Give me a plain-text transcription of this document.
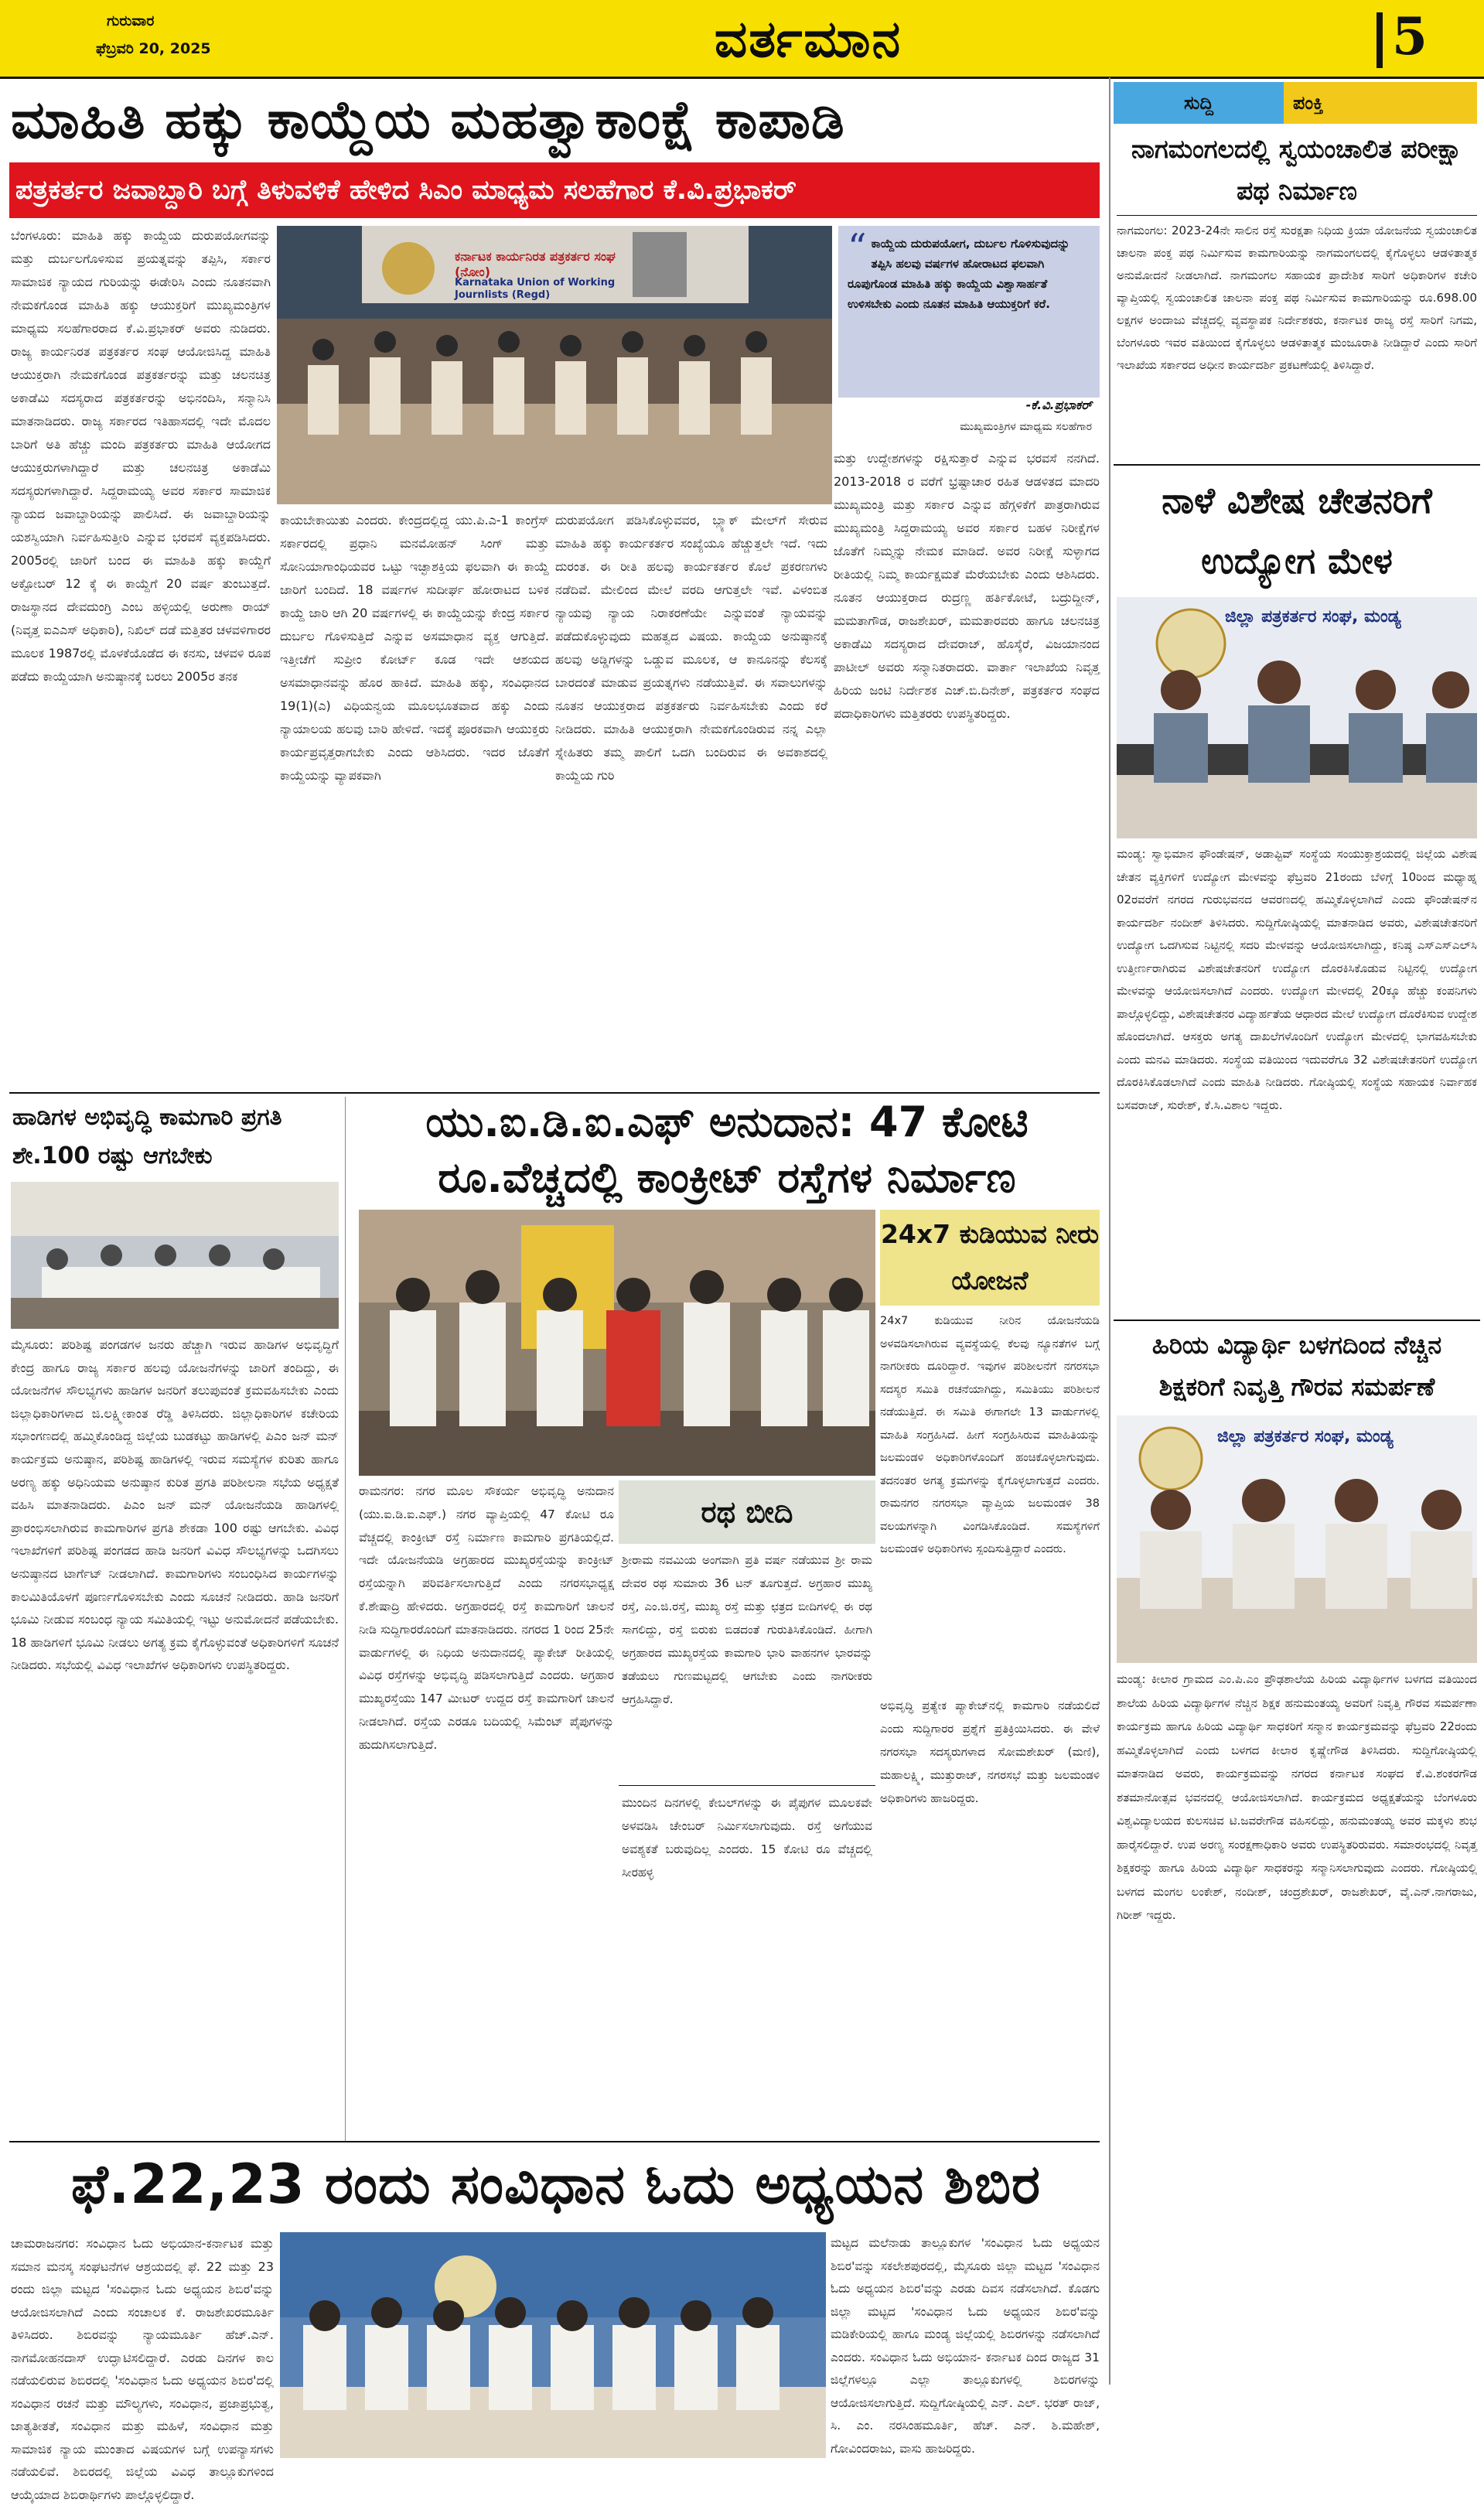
ಗುರುವಾರ
ಫೆಬ್ರವರಿ 20, 2025	ವರ್ತಮಾನ	5
ಮಾಹಿತಿ ಹಕ್ಕು ಕಾಯ್ದೆಯ ಮಹತ್ವಾಕಾಂಕ್ಷೆ ಕಾಪಾಡಿ
ಪತ್ರಕರ್ತರ ಜವಾಬ್ದಾರಿ ಬಗ್ಗೆ ತಿಳುವಳಿಕೆ ಹೇಳಿದ ಸಿಎಂ ಮಾಧ್ಯಮ ಸಲಹೆಗಾರ ಕೆ.ವಿ.ಪ್ರಭಾಕರ್
ಬೆಂಗಳೂರು: ಮಾಹಿತಿ ಹಕ್ಕು ಕಾಯ್ದೆಯ ದುರುಪಯೋಗವನ್ನು ಮತ್ತು ದುರ್ಬಲಗೊಳಿಸುವ ಪ್ರಯತ್ನವನ್ನು ತಪ್ಪಿಸಿ, ಸರ್ಕಾರ ಸಾಮಾಜಿಕ ನ್ಯಾಯದ ಗುರಿಯನ್ನು ಈಡೇರಿಸಿ ಎಂದು ನೂತನವಾಗಿ ನೇಮಕಗೊಂಡ ಮಾಹಿತಿ ಹಕ್ಕು ಆಯುಕ್ತರಿಗೆ ಮುಖ್ಯಮಂತ್ರಿಗಳ ಮಾಧ್ಯಮ ಸಲಹೆಗಾರರಾದ ಕೆ.ವಿ.ಪ್ರಭಾಕರ್ ಅವರು ನುಡಿದರು. ರಾಜ್ಯ ಕಾರ್ಯನಿರತ ಪತ್ರಕರ್ತರ ಸಂಘ ಆಯೋಜಿಸಿದ್ದ ಮಾಹಿತಿ ಆಯುಕ್ತರಾಗಿ ನೇಮಕಗೊಂಡ ಪತ್ರಕರ್ತರನ್ನು ಮತ್ತು ಚಲನಚಿತ್ರ ಅಕಾಡೆಮಿ ಸದಸ್ಯರಾದ ಪತ್ರಕರ್ತರನ್ನು ಅಭಿನಂದಿಸಿ, ಸನ್ಮಾನಿಸಿ ಮಾತನಾಡಿದರು. ರಾಜ್ಯ ಸರ್ಕಾರದ ಇತಿಹಾಸದಲ್ಲಿ ಇದೇ ಮೊದಲ ಬಾರಿಗೆ ಅತಿ ಹೆಚ್ಚು ಮಂದಿ ಪತ್ರಕರ್ತರು ಮಾಹಿತಿ ಆಯೋಗದ ಆಯುಕ್ತರುಗಳಾಗಿದ್ದಾರೆ ಮತ್ತು ಚಲನಚಿತ್ರ ಅಕಾಡೆಮಿ ಸದಸ್ಯರುಗಳಾಗಿದ್ದಾರೆ. ಸಿದ್ದರಾಮಯ್ಯ ಅವರ ಸರ್ಕಾರ ಸಾಮಾಜಿಕ ನ್ಯಾಯದ ಜವಾಬ್ದಾರಿಯನ್ನು ಪಾಲಿಸಿದೆ. ಈ ಜವಾಬ್ದಾರಿಯನ್ನು ಯಶಸ್ವಿಯಾಗಿ ನಿರ್ವಹಿಸುತ್ತೀರಿ ಎನ್ನುವ ಭರವಸೆ ವ್ಯಕ್ತಪಡಿಸಿದರು. 2005ರಲ್ಲಿ ಜಾರಿಗೆ ಬಂದ ಈ ಮಾಹಿತಿ ಹಕ್ಕು ಕಾಯ್ದೆಗೆ ಅಕ್ಟೋಬರ್ 12 ಕ್ಕೆ ಈ ಕಾಯ್ದೆಗೆ 20 ವರ್ಷ ತುಂಬುತ್ತದೆ. ರಾಜಸ್ಥಾನದ ದೇವದುಂಗ್ರಿ ಎಂಬ ಹಳ್ಳಿಯಲ್ಲಿ ಅರುಣಾ ರಾಯ್ (ನಿವೃತ್ತ ಐಎಎಸ್ ಅಧಿಕಾರಿ), ನಿಖಿಲ್ ದಡೆ ಮತ್ತಿತರ ಚಳವಳಿಗಾರರ ಮೂಲಕ 1987ರಲ್ಲಿ ಮೊಳಕೆಯೊಡೆದ ಈ ಕನಸು, ಚಳವಳಿ ರೂಪ ಪಡೆದು ಕಾಯ್ದೆಯಾಗಿ ಅನುಷ್ಠಾನಕ್ಕೆ ಬರಲು 2005ರ ತನಕ
ಕರ್ನಾಟಕ ಕಾರ್ಯನಿರತ ಪತ್ರಕರ್ತರ ಸಂಘ (ನೋಂ)
Karnataka Union of Working Journlists (Regd)
“ ಕಾಯ್ದೆಯ ದುರುಪಯೋಗ, ದುರ್ಬಲ ಗೊಳಿಸುವುದನ್ನು ತಪ್ಪಿಸಿ ಹಲವು ವರ್ಷಗಳ ಹೋರಾಟದ ಫಲವಾಗಿ ರೂಪುಗೊಂಡ ಮಾಹಿತಿ ಹಕ್ಕು ಕಾಯ್ದೆಯ ವಿಶ್ವಾಸಾರ್ಹತೆ ಉಳಿಸಬೇಕು ಎಂದು ನೂತನ ಮಾಹಿತಿ ಆಯುಕ್ತರಿಗೆ ಕರೆ.
-ಕೆ.ವಿ.ಪ್ರಭಾಕರ್
ಮುಖ್ಯಮಂತ್ರಿಗಳ ಮಾಧ್ಯಮ ಸಲಹೆಗಾರ
ಕಾಯಬೇಕಾಯಿತು ಎಂದರು. ಕೇಂದ್ರದಲ್ಲಿದ್ದ ಯು.ಪಿ.ಎ-1 ಕಾಂಗ್ರೆಸ್ ಸರ್ಕಾರದಲ್ಲಿ ಪ್ರಧಾನಿ ಮನಮೋಹನ್ ಸಿಂಗ್ ಮತ್ತು ಸೋನಿಯಾಗಾಂಧಿಯವರ ಒಟ್ಟು ಇಚ್ಛಾಶಕ್ತಿಯ ಫಲವಾಗಿ ಈ ಕಾಯ್ದೆ ಜಾರಿಗೆ ಬಂದಿದೆ. 18 ವರ್ಷಗಳ ಸುದೀರ್ಘ ಹೋರಾಟದ ಬಳಿಕ ಕಾಯ್ದೆ ಜಾರಿ ಆಗಿ 20 ವರ್ಷಗಳಲ್ಲಿ ಈ ಕಾಯ್ದೆಯನ್ನು ಕೇಂದ್ರ ಸರ್ಕಾರ ದುರ್ಬಲ ಗೊಳಿಸುತ್ತಿದೆ ಎನ್ನುವ ಅಸಮಾಧಾನ ವ್ಯಕ್ತ ಆಗುತ್ತಿದೆ. ಇತ್ತೀಚೆಗೆ ಸುಪ್ರೀಂ ಕೋರ್ಟ್ ಕೂಡ ಇದೇ ಆಶಯದ ಅಸಮಾಧಾನವನ್ನು ಹೊರ ಹಾಕಿದೆ. ಮಾಹಿತಿ ಹಕ್ಕು, ಸಂವಿಧಾನದ 19(1)(ಎ) ವಿಧಿಯನ್ವಯ ಮೂಲಭೂತವಾದ ಹಕ್ಕು ಎಂದು ನ್ಯಾಯಾಲಯ ಹಲವು ಬಾರಿ ಹೇಳಿದೆ. ಇದಕ್ಕೆ ಪೂರಕವಾಗಿ ಆಯುಕ್ತರು ಕಾರ್ಯಪ್ರವೃತ್ತರಾಗಬೇಕು ಎಂದು ಆಶಿಸಿದರು. ಇದರ ಜೊತೆಗೆ ಕಾಯ್ದೆಯನ್ನು ವ್ಯಾಪಕವಾಗಿ
ದುರುಪಯೋಗ ಪಡಿಸಿಕೊಳ್ಳುವವರ, ಬ್ಲ್ಯಾಕ್ ಮೇಲ್‌ಗೆ ಸೇರುವ ಮಾಹಿತಿ ಹಕ್ಕು ಕಾರ್ಯಕರ್ತರ ಸಂಖ್ಯೆಯೂ ಹೆಚ್ಚುತ್ತಲೇ ಇದೆ. ಇದು ದುರಂತ. ಈ ರೀತಿ ಹಲವು ಕಾರ್ಯಕರ್ತರ ಕೊಲೆ ಪ್ರಕರಣಗಳು ನಡೆದಿವೆ. ಮೇಲಿಂದ ಮೇಲೆ ವರದಿ ಆಗುತ್ತಲೇ ಇವೆ. ವಿಳಂಬಿತ ನ್ಯಾಯವು ನ್ಯಾಯ ನಿರಾಕರಣೆಯೇ ಎನ್ನುವಂತೆ ನ್ಯಾಯವನ್ನು ಪಡೆದುಕೊಳ್ಳುವುದು ಮಹತ್ವದ ವಿಷಯ. ಕಾಯ್ದೆಯ ಅನುಷ್ಠಾನಕ್ಕೆ ಹಲವು ಅಡ್ಡಿಗಳನ್ನು ಒಡ್ಡುವ ಮೂಲಕ, ಆ ಕಾನೂನನ್ನು ಕೆಲಸಕ್ಕೆ ಬಾರದಂತೆ ಮಾಡುವ ಪ್ರಯತ್ನಗಳು ನಡೆಯುತ್ತಿವೆ. ಈ ಸವಾಲುಗಳನ್ನು ನೂತನ ಆಯುಕ್ತರಾದ ಪತ್ರಕರ್ತರು ನಿರ್ವಹಿಸಬೇಕು ಎಂದು ಕರೆ ನೀಡಿದರು. ಮಾಹಿತಿ ಆಯುಕ್ತರಾಗಿ ನೇಮಕಗೊಂಡಿರುವ ನನ್ನ ಎಲ್ಲಾ ಸ್ನೇಹಿತರು ತಮ್ಮ ಪಾಲಿಗೆ ಒದಗಿ ಬಂದಿರುವ ಈ ಅವಕಾಶದಲ್ಲಿ ಕಾಯ್ದೆಯ ಗುರಿ
ಮತ್ತು ಉದ್ದೇಶಗಳನ್ನು ರಕ್ಷಿಸುತ್ತಾರೆ ಎನ್ನುವ ಭರವಸೆ ನನಗಿದೆ. 2013-2018 ರ ವರೆಗೆ ಭ್ರಷ್ಟಾಚಾರ ರಹಿತ ಆಡಳಿತದ ಮಾದರಿ ಮುಖ್ಯಮಂತ್ರಿ ಮತ್ತು ಸರ್ಕಾರ ಎನ್ನುವ ಹೆಗ್ಗಳಿಕೆಗೆ ಪಾತ್ರರಾಗಿರುವ ಮುಖ್ಯಮಂತ್ರಿ ಸಿದ್ದರಾಮಯ್ಯ ಅವರ ಸರ್ಕಾರ ಬಹಳ ನಿರೀಕ್ಷೆಗಳ ಜೊತೆಗೆ ನಿಮ್ಮನ್ನು ನೇಮಕ ಮಾಡಿದೆ. ಅವರ ನಿರೀಕ್ಷೆ ಸುಳ್ಳಾಗದ ರೀತಿಯಲ್ಲಿ ನಿಮ್ಮ ಕಾರ್ಯಕ್ಷಮತೆ ಮೆರೆಯಬೇಕು ಎಂದು ಆಶಿಸಿದರು. ನೂತನ ಆಯುಕ್ತರಾದ ರುದ್ರಣ್ಣ ಹರ್ತಿಕೋಟೆ, ಬದ್ರುದ್ದೀನ್, ಮಮತಾಗೌಡ, ರಾಜಶೇಖರ್, ಮಮತಾರವರು ಹಾಗೂ ಚಲನಚಿತ್ರ ಅಕಾಡೆಮಿ ಸದಸ್ಯರಾದ ದೇವರಾಜ್, ಹೊಸ್ಕೆರೆ, ವಿಜಯಾನಂದ ಪಾಟೀಲ್ ಅವರು ಸನ್ಮಾನಿತರಾದರು. ವಾರ್ತಾ ಇಲಾಖೆಯ ನಿವೃತ್ತ ಹಿರಿಯ ಜಂಟಿ ನಿರ್ದೇಶಕ ಎಚ್.ಬಿ.ದಿನೇಶ್, ಪತ್ರಕರ್ತರ ಸಂಘದ ಪದಾಧಿಕಾರಿಗಳು ಮತ್ತಿತರರು ಉಪಸ್ಥಿತರಿದ್ದರು.
ಸುದ್ದಿ	ಪಂಕ್ತಿ
ನಾಗಮಂಗಲದಲ್ಲಿ ಸ್ವಯಂಚಾಲಿತ ಪರೀಕ್ಷಾ ಪಥ ನಿರ್ಮಾಣ
ನಾಗಮಂಗಲ: 2023-24ನೇ ಸಾಲಿನ ರಸ್ತೆ ಸುರಕ್ಷತಾ ನಿಧಿಯ ಕ್ರಿಯಾ ಯೋಜನೆಯ ಸ್ವಯಂಚಾಲಿತ ಚಾಲನಾ ಪಂಕ್ತ ಪಥ ನಿರ್ಮಿಸುವ ಕಾಮಗಾರಿಯನ್ನು ನಾಗಮಂಗಲದಲ್ಲಿ ಕೈಗೊಳ್ಳಲು ಆಡಳಿತಾತ್ಮಕ ಅನುಮೋದನೆ ನೀಡಲಾಗಿದೆ. ನಾಗಮಂಗಲ ಸಹಾಯಕ ಪ್ರಾದೇಶಿಕ ಸಾರಿಗೆ ಅಧಿಕಾರಿಗಳ ಕಚೇರಿ ವ್ಯಾಪ್ತಿಯಲ್ಲಿ ಸ್ವಯಂಚಾಲಿತ ಚಾಲನಾ ಪಂಕ್ತ ಪಥ ನಿರ್ಮಿಸುವ ಕಾಮಗಾರಿಯನ್ನು ರೂ.698.00 ಲಕ್ಷಗಳ ಅಂದಾಜು ವೆಚ್ಚದಲ್ಲಿ ವ್ಯವಸ್ಥಾಪಕ ನಿರ್ದೇಶಕರು, ಕರ್ನಾಟಕ ರಾಜ್ಯ ರಸ್ತೆ ಸಾರಿಗೆ ನಿಗಮ, ಬೆಂಗಳೂರು ಇವರ ವತಿಯಿಂದ ಕೈಗೊಳ್ಳಲು ಆಡಳಿತಾತ್ಮಕ ಮಂಜೂರಾತಿ ನೀಡಿದ್ದಾರೆ ಎಂದು ಸಾರಿಗೆ ಇಲಾಖೆಯ ಸರ್ಕಾರದ ಅಧೀನ ಕಾರ್ಯದರ್ಶಿ ಪ್ರಕಟಣೆಯಲ್ಲಿ ತಿಳಿಸಿದ್ದಾರೆ.
ನಾಳೆ ವಿಶೇಷ ಚೇತನರಿಗೆ ಉದ್ಯೋಗ ಮೇಳ
ಜಿಲ್ಲಾ ಪತ್ರಕರ್ತರ ಸಂಘ, ಮಂಡ್ಯ
ಮಂಡ್ಯ: ಸ್ವಾಭಿಮಾನ ಫೌಂಡೇಷನ್, ಅಡಾಪ್ಟಿವ್ ಸಂಸ್ಥೆಯ ಸಂಯುಕ್ತಾಶ್ರಯದಲ್ಲಿ ಜಿಲ್ಲೆಯ ವಿಶೇಷ ಚೇತನ ವ್ಯಕ್ತಿಗಳಿಗೆ ಉದ್ಯೋಗ ಮೇಳವನ್ನು ಫೆಬ್ರವರಿ 21ರಂದು ಬೆಳಿಗ್ಗೆ 10ರಿಂದ ಮಧ್ಯಾಹ್ನ 02ರವರೆಗೆ ನಗರದ ಗುರುಭವನದ ಆವರಣದಲ್ಲಿ ಹಮ್ಮಿಕೊಳ್ಳಲಾಗಿದೆ ಎಂದು ಫೌಂಡೇಷನ್‌ನ ಕಾರ್ಯದರ್ಶಿ ನಂದೀಶ್ ತಿಳಿಸಿದರು. ಸುದ್ದಿಗೋಷ್ಠಿಯಲ್ಲಿ ಮಾತನಾಡಿದ ಅವರು, ವಿಶೇಷಚೇತನರಿಗೆ ಉದ್ಯೋಗ ಒದಗಿಸುವ ನಿಟ್ಟಿನಲ್ಲಿ ಸದರಿ ಮೇಳವನ್ನು ಆಯೋಜಿಸಲಾಗಿದ್ದು, ಕನಿಷ್ಠ ಎಸ್‌ಎಸ್‌ಎಲ್‌ಸಿ ಉತ್ತೀರ್ಣರಾಗಿರುವ ವಿಶೇಷಚೇತನರಿಗೆ ಉದ್ಯೋಗ ದೊರಕಿಸಿಕೊಡುವ ನಿಟ್ಟಿನಲ್ಲಿ ಉದ್ಯೋಗ ಮೇಳವನ್ನು ಆಯೋಜಿಸಲಾಗಿದೆ ಎಂದರು. ಉದ್ಯೋಗ ಮೇಳದಲ್ಲಿ 20ಕ್ಕೂ ಹೆಚ್ಚು ಕಂಪನಿಗಳು ಪಾಲ್ಗೊಳ್ಳಲಿದ್ದು, ವಿಶೇಷಚೇತನರ ವಿದ್ಯಾರ್ಹತೆಯ ಆಧಾರದ ಮೇಲೆ ಉದ್ಯೋಗ ದೊರೆಕಿಸುವ ಉದ್ದೇಶ ಹೊಂದಲಾಗಿದೆ. ಆಸಕ್ತರು ಅಗತ್ಯ ದಾಖಲೆಗಳೊಂದಿಗೆ ಉದ್ಯೋಗ ಮೇಳದಲ್ಲಿ ಭಾಗವಹಿಸಬೇಕು ಎಂದು ಮನವಿ ಮಾಡಿದರು. ಸಂಸ್ಥೆಯ ವತಿಯಿಂದ ಇದುವರೆಗೂ 32 ವಿಶೇಷಚೇತನರಿಗೆ ಉದ್ಯೋಗ ದೊರಕಿಸಿಕೊಡಲಾಗಿದೆ ಎಂದು ಮಾಹಿತಿ ನೀಡಿದರು. ಗೋಷ್ಠಿಯಲ್ಲಿ ಸಂಸ್ಥೆಯ ಸಹಾಯಕ ನಿರ್ವಾಹಕ ಬಸವರಾಜ್, ಸುರೇಶ್, ಕೆ.ಸಿ.ವಿಶಾಲ ಇದ್ದರು.
ಹಿರಿಯ ವಿದ್ಯಾರ್ಥಿ ಬಳಗದಿಂದ ನೆಚ್ಚಿನ ಶಿಕ್ಷಕರಿಗೆ ನಿವೃತ್ತಿ ಗೌರವ ಸಮರ್ಪಣೆ
ಜಿಲ್ಲಾ ಪತ್ರಕರ್ತರ ಸಂಘ, ಮಂಡ್ಯ
ಮಂಡ್ಯ: ಕೀಲಾರ ಗ್ರಾಮದ ಎಂ.ಪಿ.ಎಂ ಪ್ರೌಢಶಾಲೆಯ ಹಿರಿಯ ವಿದ್ಯಾರ್ಥಿಗಳ ಬಳಗದ ವತಿಯಿಂದ ಶಾಲೆಯ ಹಿರಿಯ ವಿದ್ಯಾರ್ಥಿಗಳ ನೆಚ್ಚಿನ ಶಿಕ್ಷಕ ಹನುಮಂತಯ್ಯ ಅವರಿಗೆ ನಿವೃತ್ತಿ ಗೌರವ ಸಮರ್ಪಣಾ ಕಾರ್ಯಕ್ರಮ ಹಾಗೂ ಹಿರಿಯ ವಿದ್ಯಾರ್ಥಿ ಸಾಧಕರಿಗೆ ಸನ್ಮಾನ ಕಾರ್ಯಕ್ರಮವನ್ನು ಫೆಬ್ರವರಿ 22ರಂದು ಹಮ್ಮಿಕೊಳ್ಳಲಾಗಿದೆ ಎಂದು ಬಳಗದ ಕೀಲಾರ ಕೃಷ್ಣೇಗೌಡ ತಿಳಿಸಿದರು. ಸುದ್ದಿಗೋಷ್ಠಿಯಲ್ಲಿ ಮಾತನಾಡಿದ ಅವರು, ಕಾರ್ಯಕ್ರಮವನ್ನು ನಗರದ ಕರ್ನಾಟಕ ಸಂಘದ ಕೆ.ವಿ.ಶಂಕರಗೌಡ ಶತಮಾನೋತ್ಸವ ಭವನದಲ್ಲಿ ಆಯೋಜಿಸಲಾಗಿದೆ. ಕಾರ್ಯಕ್ರಮದ ಅಧ್ಯಕ್ಷತೆಯನ್ನು ಬೆಂಗಳೂರು ವಿಶ್ವವಿದ್ಯಾಲಯದ ಕುಲಸಚಿವ ಟಿ.ಜವರೇಗೌಡ ವಹಿಸಲಿದ್ದು, ಹನುಮಂತಯ್ಯ ಅವರ ಮಕ್ಕಳು ಶುಭ ಹಾರೈಸಲಿದ್ದಾರೆ. ಉಪ ಅರಣ್ಯ ಸಂರಕ್ಷಣಾಧಿಕಾರಿ ಅವರು ಉಪಸ್ಥಿತರಿರುವರು. ಸಮಾರಂಭದಲ್ಲಿ ನಿವೃತ್ತ ಶಿಕ್ಷಕರನ್ನು ಹಾಗೂ ಹಿರಿಯ ವಿದ್ಯಾರ್ಥಿ ಸಾಧಕರನ್ನು ಸನ್ಮಾನಿಸಲಾಗುವುದು ಎಂದರು. ಗೋಷ್ಠಿಯಲ್ಲಿ ಬಳಗದ ಮಂಗಲ ಲಂಕೇಶ್, ನಂದೀಶ್, ಚಂದ್ರಶೇಖರ್, ರಾಜಶೇಖರ್, ವೈ.ಎನ್.ನಾಗರಾಜು, ಗಿರೀಶ್ ಇದ್ದರು.
ಹಾಡಿಗಳ ಅಭಿವೃದ್ಧಿ ಕಾಮಗಾರಿ ಪ್ರಗತಿ ಶೇ.100 ರಷ್ಟು ಆಗಬೇಕು
ಮೈಸೂರು: ಪರಿಶಿಷ್ಟ ಪಂಗಡಗಳ ಜನರು ಹೆಚ್ಚಾಗಿ ಇರುವ ಹಾಡಿಗಳ ಅಭಿವೃದ್ಧಿಗೆ ಕೇಂದ್ರ ಹಾಗೂ ರಾಜ್ಯ ಸರ್ಕಾರ ಹಲವು ಯೋಜನೆಗಳನ್ನು ಜಾರಿಗೆ ತಂದಿದ್ದು, ಈ ಯೋಜನೆಗಳ ಸೌಲಭ್ಯಗಳು ಹಾಡಿಗಳ ಜನರಿಗೆ ತಲುಪುವಂತೆ ಕ್ರಮವಹಿಸಬೇಕು ಎಂದು ಜಿಲ್ಲಾಧಿಕಾರಿಗಳಾದ ಜಿ.ಲಕ್ಷ್ಮೀಕಾಂತ ರೆಡ್ಡಿ ತಿಳಿಸಿದರು. ಜಿಲ್ಲಾಧಿಕಾರಿಗಳ ಕಚೇರಿಯ ಸಭಾಂಗಣದಲ್ಲಿ ಹಮ್ಮಿಕೊಂಡಿದ್ದ ಜಿಲ್ಲೆಯ ಬುಡಕಟ್ಟು ಹಾಡಿಗಳಲ್ಲಿ ಪಿಎಂ ಜನ್ ಮನ್ ಕಾರ್ಯಕ್ರಮ ಅನುಷ್ಠಾನ, ಪರಿಶಿಷ್ಟ ಹಾಡಿಗಳಲ್ಲಿ ಇರುವ ಸಮಸ್ಯೆಗಳ ಕುರಿತು ಹಾಗೂ ಅರಣ್ಯ ಹಕ್ಕು ಅಧಿನಿಯಮ ಅನುಷ್ಠಾನ ಕುರಿತ ಪ್ರಗತಿ ಪರಿಶೀಲನಾ ಸಭೆಯ ಅಧ್ಯಕ್ಷತೆ ವಹಿಸಿ ಮಾತನಾಡಿದರು. ಪಿಎಂ ಜನ್ ಮನ್ ಯೋಜನೆಯಡಿ ಹಾಡಿಗಳಲ್ಲಿ ಪ್ರಾರಂಭಿಸಲಾಗಿರುವ ಕಾಮಗಾರಿಗಳ ಪ್ರಗತಿ ಶೇಕಡಾ 100 ರಷ್ಟು ಆಗಬೇಕು. ವಿವಿಧ ಇಲಾಖೆಗಳಿಗೆ ಪರಿಶಿಷ್ಟ ಪಂಗಡದ ಹಾಡಿ ಜನರಿಗೆ ವಿವಿಧ ಸೌಲಭ್ಯಗಳನ್ನು ಒದಗಿಸಲು ಅನುಷ್ಠಾನದ ಟಾರ್ಗೆಟ್ ನೀಡಲಾಗಿದೆ. ಕಾಮಗಾರಿಗಳು ಸಂಬಂಧಿಸಿದ ಕಾರ್ಯಗಳನ್ನು ಕಾಲಮಿತಿಯೊಳಗೆ ಪೂರ್ಣಗೊಳಿಸಬೇಕು ಎಂದು ಸೂಚನೆ ನೀಡಿದರು. ಹಾಡಿ ಜನರಿಗೆ ಭೂಮಿ ನೀಡುವ ಸಂಬಂಧ ನ್ಯಾಯ ಸಮಿತಿಯಲ್ಲಿ ಇಟ್ಟು ಅನುಮೋದನೆ ಪಡೆಯಬೇಕು. 18 ಹಾಡಿಗಳಿಗೆ ಭೂಮಿ ನೀಡಲು ಅಗತ್ಯ ಕ್ರಮ ಕೈಗೊಳ್ಳುವಂತೆ ಅಧಿಕಾರಿಗಳಿಗೆ ಸೂಚನೆ ನೀಡಿದರು. ಸಭೆಯಲ್ಲಿ ವಿವಿಧ ಇಲಾಖೆಗಳ ಅಧಿಕಾರಿಗಳು ಉಪಸ್ಥಿತರಿದ್ದರು.
ಯು.ಐ.ಡಿ.ಐ.ಎಫ್ ಅನುದಾನ: 47 ಕೋಟಿ
ರೂ.ವೆಚ್ಚದಲ್ಲಿ ಕಾಂಕ್ರೀಟ್ ರಸ್ತೆಗಳ ನಿರ್ಮಾಣ
24x7 ಕುಡಿಯುವ ನೀರು ಯೋಜನೆ
24x7 ಕುಡಿಯುವ ನೀರಿನ ಯೋಜನೆಯಡಿ ಅಳವಡಿಸಲಾಗಿರುವ ವ್ಯವಸ್ಥೆಯಲ್ಲಿ ಕೆಲವು ನ್ಯೂನತೆಗಳ ಬಗ್ಗೆ ನಾಗರೀಕರು ದೂರಿದ್ದಾರೆ. ಇವುಗಳ ಪರಿಶೀಲನೆಗೆ ನಗರಸಭಾ ಸದಸ್ಯರ ಸಮಿತಿ ರಚನೆಯಾಗಿದ್ದು, ಸಮಿತಿಯು ಪರಿಶೀಲನೆ ನಡೆಯುತ್ತಿದೆ. ಈ ಸಮಿತಿ ಈಗಾಗಲೇ 13 ವಾರ್ಡುಗಳಲ್ಲಿ ಮಾಹಿತಿ ಸಂಗ್ರಹಿಸಿದೆ. ಹೀಗೆ ಸಂಗ್ರಹಿಸಿರುವ ಮಾಹಿತಿಯನ್ನು ಜಲಮಂಡಳಿ ಅಧಿಕಾರಿಗಳೊಂದಿಗೆ ಹಂಚಿಕೊಳ್ಳಲಾಗುವುದು. ತದನಂತರ ಅಗತ್ಯ ಕ್ರಮಗಳನ್ನು ಕೈಗೊಳ್ಳಲಾಗುತ್ತದೆ ಎಂದರು. ರಾಮನಗರ ನಗರಸಭಾ ವ್ಯಾಪ್ತಿಯ ಜಲಮಂಡಳಿ 38 ವಲಯಗಳನ್ನಾಗಿ ವಿಂಗಡಿಸಿಕೊಂಡಿದೆ. ಸಮಸ್ಯೆಗಳಿಗೆ ಜಲಮಂಡಳಿ ಅಧಿಕಾರಿಗಳು ಸ್ಪಂದಿಸುತ್ತಿದ್ದಾರೆ ಎಂದರು.
ರಾಮನಗರ: ನಗರ ಮೂಲ ಸೌಕರ್ಯ ಅಭಿವೃದ್ಧಿ ಅನುದಾನ (ಯು.ಐ.ಡಿ.ಐ.ಎಫ್.) ನಗರ ವ್ಯಾಪ್ತಿಯಲ್ಲಿ 47 ಕೋಟಿ ರೂ ವೆಚ್ಚದಲ್ಲಿ ಕಾಂಕ್ರೀಟ್ ರಸ್ತೆ ನಿರ್ಮಾಣ ಕಾಮಗಾರಿ ಪ್ರಗತಿಯಲ್ಲಿದೆ. ಇದೇ ಯೋಜನೆಯಡಿ ಅಗ್ರಹಾರದ ಮುಖ್ಯರಸ್ತೆಯನ್ನು ಕಾಂಕ್ರೀಟ್ ರಸ್ತೆಯನ್ನಾಗಿ ಪರಿವರ್ತಿಸಲಾಗುತ್ತಿದೆ ಎಂದು ನಗರಸಭಾಧ್ಯಕ್ಷ ಕೆ.ಶೇಷಾದ್ರಿ ಹೇಳಿದರು. ಅಗ್ರಹಾರದಲ್ಲಿ ರಸ್ತೆ ಕಾಮಗಾರಿಗೆ ಚಾಲನೆ ನೀಡಿ ಸುದ್ದಿಗಾರರೊಂದಿಗೆ ಮಾತನಾಡಿದರು. ನಗರದ 1 ರಿಂದ 25ನೇ ವಾರ್ಡುಗಳಲ್ಲಿ ಈ ನಿಧಿಯ ಅನುದಾನದಲ್ಲಿ ಪ್ಯಾಕೇಜ್ ರೀತಿಯಲ್ಲಿ ವಿವಿಧ ರಸ್ತೆಗಳನ್ನು ಅಭಿವೃದ್ಧಿ ಪಡಿಸಲಾಗುತ್ತಿದೆ ಎಂದರು. ಅಗ್ರಹಾರ ಮುಖ್ಯರಸ್ತೆಯು 147 ಮೀಟರ್ ಉದ್ದದ ರಸ್ತೆ ಕಾಮಗಾರಿಗೆ ಚಾಲನೆ ನೀಡಲಾಗಿದೆ. ರಸ್ತೆಯ ಎರಡೂ ಬದಿಯಲ್ಲಿ ಸಿಮೆಂಟ್ ಪೈಪುಗಳನ್ನು ಹುದುಗಿಸಲಾಗುತ್ತಿದೆ.
ರಥ ಬೀದಿ
ಶ್ರೀರಾಮ ನವಮಿಯ ಅಂಗವಾಗಿ ಪ್ರತಿ ವರ್ಷ ನಡೆಯುವ ಶ್ರೀ ರಾಮ ದೇವರ ರಥ ಸುಮಾರು 36 ಟನ್ ತೂಗುತ್ತದೆ. ಅಗ್ರಹಾರ ಮುಖ್ಯ ರಸ್ತೆ, ಎಂ.ಜಿ.ರಸ್ತೆ, ಮುಖ್ಯ ರಸ್ತೆ ಮತ್ತು ಛತ್ರದ ಬೀದಿಗಳಲ್ಲಿ ಈ ರಥ ಸಾಗಲಿದ್ದು, ರಸ್ತೆ ಬಿರುಕು ಬಿಡದಂತೆ ಗುರುತಿಸಿಕೊಂಡಿದೆ. ಹೀಗಾಗಿ ಅಗ್ರಹಾರದ ಮುಖ್ಯರಸ್ತೆಯ ಕಾಮಗಾರಿ ಭಾರಿ ವಾಹನಗಳ ಭಾರವನ್ನು ತಡೆಯಲು ಗುಣಮಟ್ಟದಲ್ಲಿ ಆಗಬೇಕು ಎಂದು ನಾಗರೀಕರು ಆಗ್ರಹಿಸಿದ್ದಾರೆ.
ಮುಂದಿನ ದಿನಗಳಲ್ಲಿ ಕೇಬಲ್‌ಗಳನ್ನು ಈ ಪೈಪುಗಳ ಮೂಲಕವೇ ಅಳವಡಿಸಿ ಚೇಂಬರ್ ನಿರ್ಮಿಸಲಾಗುವುದು. ರಸ್ತೆ ಅಗೆಯುವ ಅವಶ್ಯಕತೆ ಬರುವುದಿಲ್ಲ ಎಂದರು. 15 ಕೋಟಿ ರೂ ವೆಚ್ಚದಲ್ಲಿ ಸೀರಹಳ್ಳ
ಅಭಿವೃದ್ಧಿ ಪ್ರತ್ಯೇಕ ಪ್ಯಾಕೇಜ್‌ನಲ್ಲಿ ಕಾಮಗಾರಿ ನಡೆಯಲಿದೆ ಎಂದು ಸುದ್ದಿಗಾರರ ಪ್ರಶ್ನೆಗೆ ಪ್ರತಿಕ್ರಿಯಿಸಿದರು. ಈ ವೇಳೆ ನಗರಸಭಾ ಸದಸ್ಯರುಗಳಾದ ಸೋಮಶೇಖರ್ (ಮಣಿ), ಮಹಾಲಕ್ಷ್ಮಿ, ಮುತ್ತುರಾಜ್, ನಗರಸಭೆ ಮತ್ತು ಜಲಮಂಡಳಿ ಅಧಿಕಾರಿಗಳು ಹಾಜರಿದ್ದರು.
ಫೆ.22,23 ರಂದು ಸಂವಿಧಾನ ಓದು ಅಧ್ಯಯನ ಶಿಬಿರ
ಚಾಮರಾಜನಗರ: ಸಂವಿಧಾನ ಓದು ಅಭಿಯಾನ-ಕರ್ನಾಟಕ ಮತ್ತು ಸಮಾನ ಮನಸ್ಕ ಸಂಘಟನೆಗಳ ಆಶ್ರಯದಲ್ಲಿ ಫೆ. 22 ಮತ್ತು 23 ರಂದು ಜಿಲ್ಲಾ ಮಟ್ಟದ 'ಸಂವಿಧಾನ ಓದು ಅಧ್ಯಯನ ಶಿಬಿರ'ವನ್ನು ಆಯೋಜಿಸಲಾಗಿದೆ ಎಂದು ಸಂಚಾಲಕ ಕೆ. ರಾಜಶೇಖರಮೂರ್ತಿ ತಿಳಿಸಿದರು. ಶಿಬಿರವನ್ನು ನ್ಯಾಯಮೂರ್ತಿ ಹೆಚ್.ಎನ್. ನಾಗಮೋಹನದಾಸ್ ಉದ್ಘಾಟಿಸಲಿದ್ದಾರೆ. ಎರಡು ದಿನಗಳ ಕಾಲ ನಡೆಯಲಿರುವ ಶಿಬಿರದಲ್ಲಿ 'ಸಂವಿಧಾನ ಓದು ಅಧ್ಯಯನ ಶಿಬಿರ'ದಲ್ಲಿ ಸಂವಿಧಾನ ರಚನೆ ಮತ್ತು ಮೌಲ್ಯಗಳು, ಸಂವಿಧಾನ, ಪ್ರಜಾಪ್ರಭುತ್ವ, ಜಾತ್ಯತೀತತೆ, ಸಂವಿಧಾನ ಮತ್ತು ಮಹಿಳೆ, ಸಂವಿಧಾನ ಮತ್ತು ಸಾಮಾಜಿಕ ನ್ಯಾಯ ಮುಂತಾದ ವಿಷಯಗಳ ಬಗ್ಗೆ ಉಪನ್ಯಾಸಗಳು ನಡೆಯಲಿವೆ. ಶಿಬಿರದಲ್ಲಿ ಜಿಲ್ಲೆಯ ವಿವಿಧ ತಾಲ್ಲೂಕುಗಳಿಂದ ಆಯ್ಕೆಯಾದ ಶಿಬಿರಾರ್ಥಿಗಳು ಪಾಲ್ಗೊಳ್ಳಲಿದ್ದಾರೆ.
ಮಟ್ಟದ ಮಲೆನಾಡು ತಾಲ್ಲೂಕುಗಳ 'ಸಂವಿಧಾನ ಓದು ಅಧ್ಯಯನ ಶಿಬಿರ'ವನ್ನು ಸಕಲೇಶಪುರದಲ್ಲಿ, ಮೈಸೂರು ಜಿಲ್ಲಾ ಮಟ್ಟದ 'ಸಂವಿಧಾನ ಓದು ಅಧ್ಯಯನ ಶಿಬಿರ'ವನ್ನು ಎರಡು ದಿವಸ ನಡೆಸಲಾಗಿದೆ. ಕೊಡಗು ಜಿಲ್ಲಾ ಮಟ್ಟದ 'ಸಂವಿಧಾನ ಓದು ಅಧ್ಯಯನ ಶಿಬಿರ'ವನ್ನು ಮಡಿಕೇರಿಯಲ್ಲಿ ಹಾಗೂ ಮಂಡ್ಯ ಜಿಲ್ಲೆಯಲ್ಲಿ ಶಿಬಿರಗಳನ್ನು ನಡೆಸಲಾಗಿದೆ ಎಂದರು. ಸಂವಿಧಾನ ಓದು ಅಭಿಯಾನ- ಕರ್ನಾಟಕ ದಿಂದ ರಾಜ್ಯದ 31 ಜಿಲ್ಲೆಗಳಲ್ಲೂ ಎಲ್ಲಾ ತಾಲ್ಲೂಕುಗಳಲ್ಲಿ ಶಿಬಿರಗಳನ್ನು ಆಯೋಜಿಸಲಾಗುತ್ತಿದೆ. ಸುದ್ದಿಗೋಷ್ಠಿಯಲ್ಲಿ ಎನ್. ಎಲ್. ಭರತ್ ರಾಜ್, ಸಿ. ಎಂ. ನರಸಿಂಹಮೂರ್ತಿ, ಹೆಚ್. ಎನ್. ಶಿ.ಮಹೇಶ್, ಗೋವಿಂದರಾಜು, ವಾಸು ಹಾಜರಿದ್ದರು.
